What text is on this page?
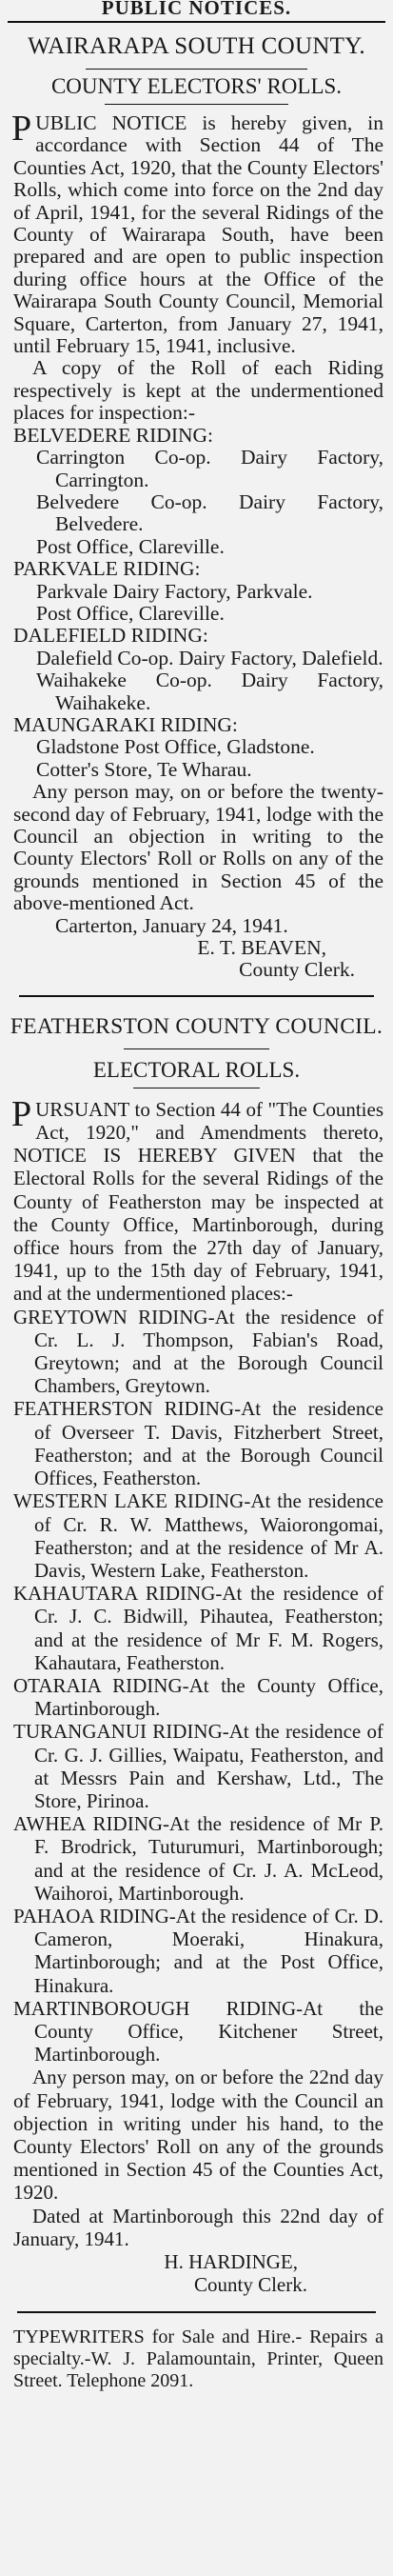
PUBLIC NOTICES.
WAIRARAPA SOUTH COUNTY.
COUNTY ELECTORS' ROLLS.

PUBLIC NOTICE is hereby given, in accordance with Section 44 of The Counties Act, 1920, that the County Electors' Rolls, which come into force on the 2nd day of April, 1941, for the several Ridings of the County of Wairarapa South, have been prepared and are open to public inspection during office hours at the Office of the Wairarapa South County Council, Memorial Square, Carterton, from January 27, 1941, until February 15, 1941, inclusive.

A copy of the Roll of each Riding respectively is kept at the undermentioned places for inspection:-

BELVEDERE RIDING:

Carrington Co-op. Dairy Factory, Carrington.

Belvedere Co-op. Dairy Factory, Belvedere.

Post Office, Clareville.

PARKVALE RIDING:

Parkvale Dairy Factory, Parkvale.

Post Office, Clareville.

DALEFIELD RIDING:

Dalefield Co-op. Dairy Factory, Dalefield.

Waihakeke Co-op. Dairy Factory, Waihakeke.

MAUNGARAKI RIDING:

Gladstone Post Office, Gladstone.

Cotter's Store, Te Wharau.

Any person may, on or before the twenty-second day of February, 1941, lodge with the Council an objection in writing to the County Electors' Roll or Rolls on any of the grounds mentioned in Section 45 of the above-mentioned Act.

Carterton, January 24, 1941.

E. T. BEAVEN,

County Clerk.

FEATHERSTON COUNTY COUNCIL.
ELECTORAL ROLLS.

PURSUANT to Section 44 of "The Counties Act, 1920," and Amendments thereto, NOTICE IS HEREBY GIVEN that the Electoral Rolls for the several Ridings of the County of Featherston may be inspected at the County Office, Martinborough, during office hours from the 27th day of January, 1941, up to the 15th day of February, 1941, and at the undermentioned places:-

GREYTOWN RIDING-At the residence of Cr. L. J. Thompson, Fabian's Road, Greytown; and at the Borough Council Chambers, Greytown.

FEATHERSTON RIDING-At the residence of Overseer T. Davis, Fitzherbert Street, Featherston; and at the Borough Council Offices, Featherston.

WESTERN LAKE RIDING-At the residence of Cr. R. W. Matthews, Waiorongomai, Featherston; and at the residence of Mr A. Davis, Western Lake, Featherston.

KAHAUTARA RIDING-At the residence of Cr. J. C. Bidwill, Pihautea, Featherston; and at the residence of Mr F. M. Rogers, Kahautara, Featherston.

OTARAIA RIDING-At the County Office, Martinborough.

TURANGANUI RIDING-At the residence of Cr. G. J. Gillies, Waipatu, Featherston, and at Messrs Pain and Kershaw, Ltd., The Store, Pirinoa.

AWHEA RIDING-At the residence of Mr P. F. Brodrick, Tuturumuri, Martinborough; and at the residence of Cr. J. A. McLeod, Waihoroi, Martinborough.

PAHAOA RIDING-At the residence of Cr. D. Cameron, Moeraki, Hinakura, Martinborough; and at the Post Office, Hinakura.

MARTINBOROUGH RIDING-At the County Office, Kitchener Street, Martinborough.

Any person may, on or before the 22nd day of February, 1941, lodge with the Council an objection in writing under his hand, to the County Electors' Roll on any of the grounds mentioned in Section 45 of the Counties Act, 1920.

Dated at Martinborough this 22nd day of January, 1941.

H. HARDINGE,

County Clerk.

TYPEWRITERS for Sale and Hire.- Repairs a specialty.-W. J. Palamountain, Printer, Queen Street. Telephone 2091.
